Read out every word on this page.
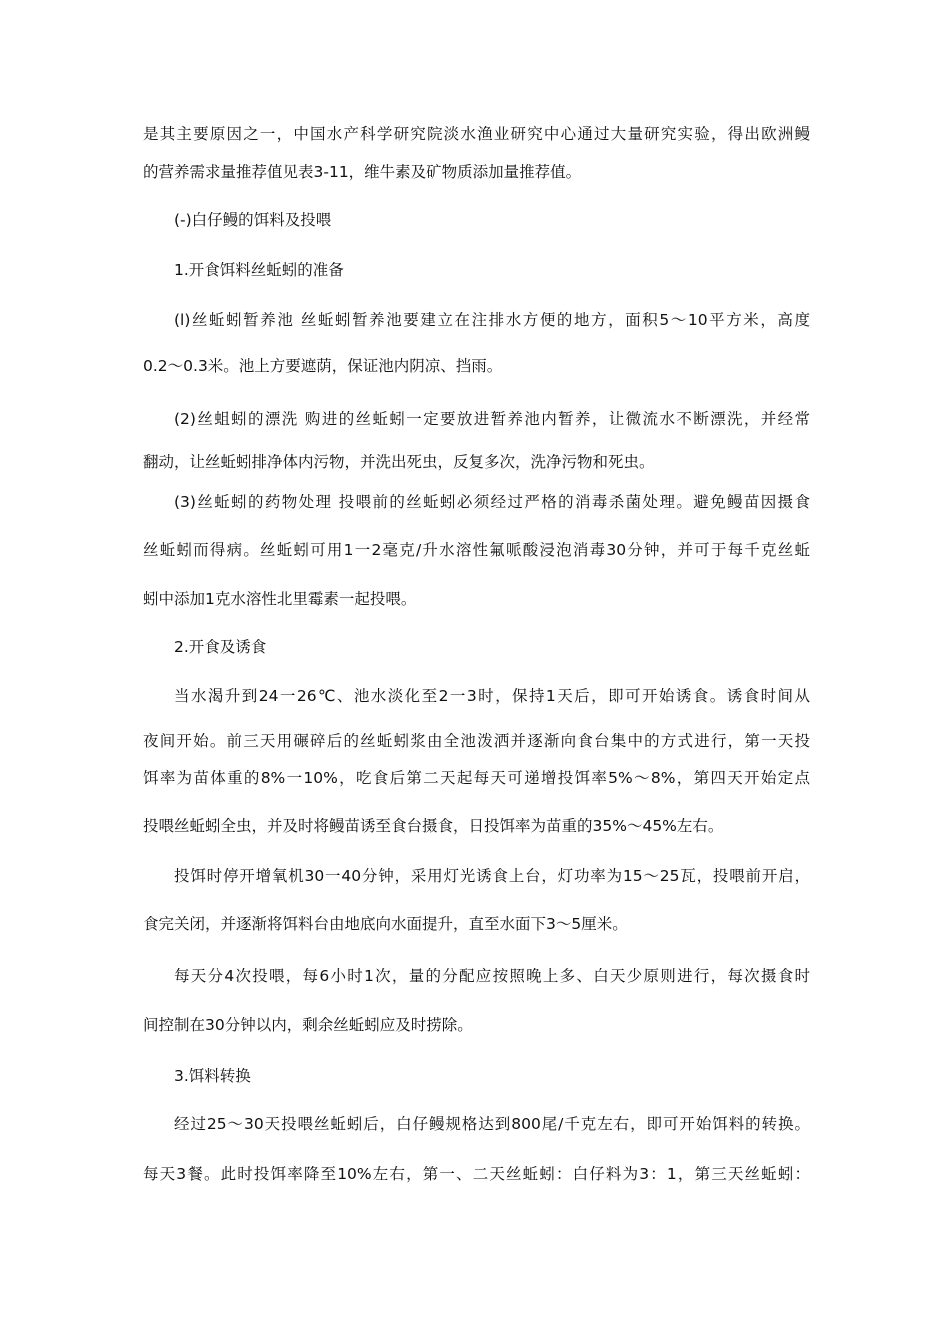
是其主要原因之一，中国水产科学研究院淡水渔业研究中心通过大量研究实验，得出欧洲鳗
的营养需求量推荐值见表3-11，维牛素及矿物质添加量推荐值。
(-)白仔鳗的饵料及投喂
1.开食饵料丝蚯蚓的准备
(l)丝蚯蚓暂养池 丝蚯蚓暂养池要建立在注排水方便的地方，面积5～10平方米，高度
0.2～0.3米。池上方要遮荫，保证池内阴凉、挡雨。
(2)丝蛆蚓的漂洗 购进的丝蚯蚓一定要放进暂养池内暂养，让微流水不断漂洗，并经常
翻动，让丝蚯蚓排净体内污物，并洗出死虫，反复多次，洗净污物和死虫。
(3)丝蚯蚓的药物处理 投喂前的丝蚯蚓必须经过严格的消毒杀菌处理。避免鳗苗因摄食
丝蚯蚓而得病。丝蚯蚓可用1一2毫克/升水溶性氟哌酸浸泡消毒30分钟，并可于每千克丝蚯
蚓中添加1克水溶性北里霉素一起投喂。
2.开食及诱食
当水渴升到24一26℃、池水淡化至2一3时，保持1天后，即可开始诱食。诱食时间从
夜间开始。前三天用碾碎后的丝蚯蚓浆由全池泼洒并逐渐向食台集中的方式进行，第一天投
饵率为苗体重的8%一10%，吃食后第二天起每天可递增投饵率5%～8%，第四天开始定点
投喂丝蚯蚓全虫，并及时将鳗苗诱至食台摄食，日投饵率为苗重的35%～45%左右。
投饵时停开增氧机30一40分钟，采用灯光诱食上台，灯功率为15～25瓦，投喂前开启，
食完关闭，并逐渐将饵料台由地底向水面提升，直至水面下3～5厘米。
每天分4次投喂，每6小时1次，量的分配应按照晚上多、白天少原则进行，每次摄食时
间控制在30分钟以内，剩余丝蚯蚓应及时捞除。
3.饵料转换
经过25～30天投喂丝蚯蚓后，白仔鳗规格达到800尾/千克左右，即可开始饵料的转换。
每天3餐。此时投饵率降至10%左右，第一、二天丝蚯蚓：白仔料为3：1，第三天丝蚯蚓：
